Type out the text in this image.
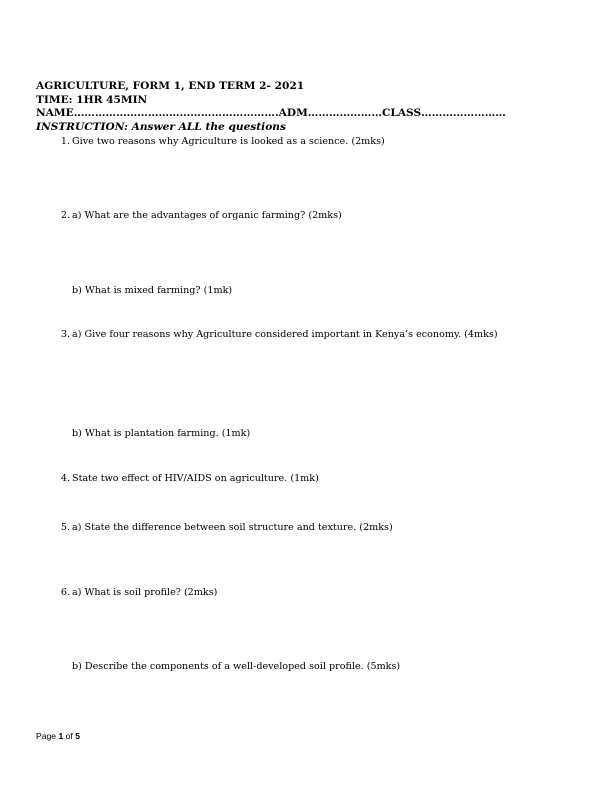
AGRICULTURE, FORM 1, END TERM 2- 2021
TIME: 1HR 45MIN
NAME………………………………………………….ADM…………………CLASS……………………
INSTRUCTION: Answer ALL the questions
1. Give two reasons why Agriculture is looked as a science. (2mks)
2. a) What are the advantages of organic farming? (2mks)
b) What is mixed farming? (1mk)
3. a) Give four reasons why Agriculture considered important in Kenya’s economy. (4mks)
b) What is plantation farming. (1mk)
4. State two effect of HIV/AIDS on agriculture. (1mk)
5. a) State the difference between soil structure and texture. (2mks)
6. a) What is soil profile? (2mks)
b) Describe the components of a well-developed soil profile. (5mks)
Page 1 of 5
